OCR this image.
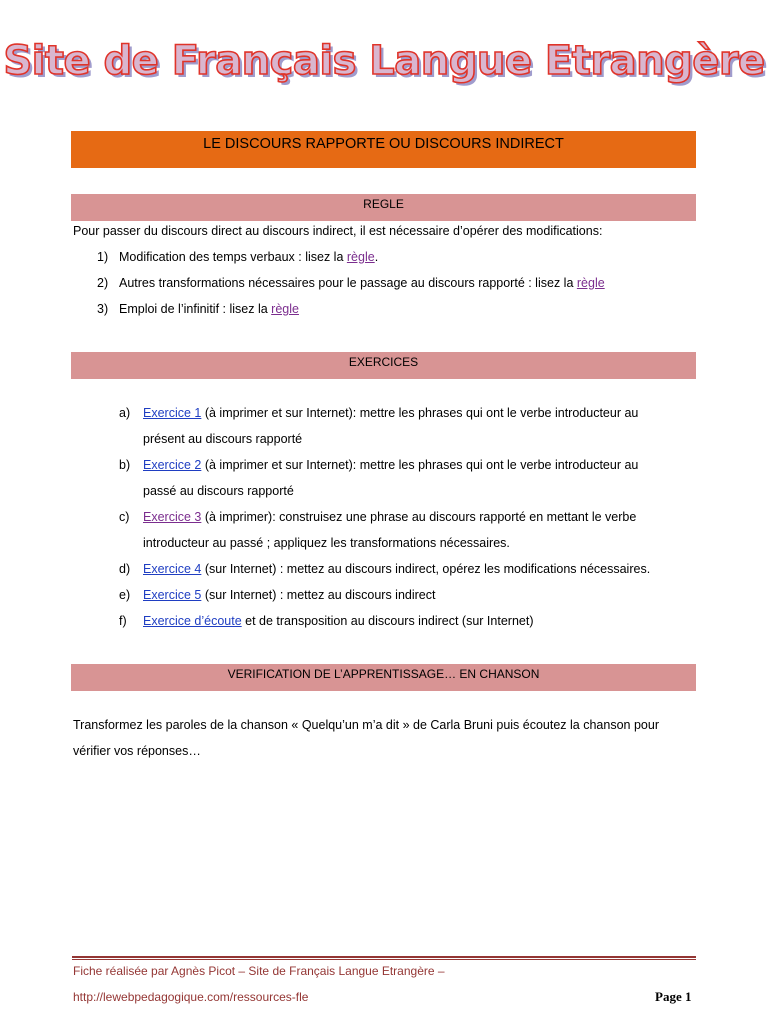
Site de Français Langue Etrangère
LE DISCOURS RAPPORTE OU DISCOURS INDIRECT
REGLE
Pour passer du discours direct au discours indirect, il est nécessaire d’opérer des modifications:
1) Modification des temps verbaux : lisez la règle.
2) Autres transformations nécessaires pour le passage au discours rapporté : lisez la règle
3) Emploi de l’infinitif : lisez la règle
EXERCICES
a) Exercice 1 (à imprimer et sur Internet): mettre les phrases qui ont le verbe introducteur au
présent au discours rapporté
b) Exercice 2 (à imprimer et sur Internet): mettre les phrases qui ont le verbe introducteur au
passé au discours rapporté
c) Exercice 3 (à imprimer): construisez une phrase au discours rapporté en mettant le verbe
introducteur au passé ; appliquez les transformations nécessaires.
d) Exercice 4 (sur Internet) : mettez au discours indirect, opérez les modifications nécessaires.
e) Exercice 5 (sur Internet) : mettez au discours indirect
f) Exercice d’écoute et de transposition au discours indirect (sur Internet)
VERIFICATION DE L’APPRENTISSAGE… EN CHANSON
Transformez les paroles de la chanson « Quelqu’un m’a dit » de Carla Bruni puis écoutez la chanson pour
vérifier vos réponses…
Fiche réalisée par Agnès Picot – Site de Français Langue Etrangère –
http://lewebpedagogique.com/ressources-fle	Page 1
